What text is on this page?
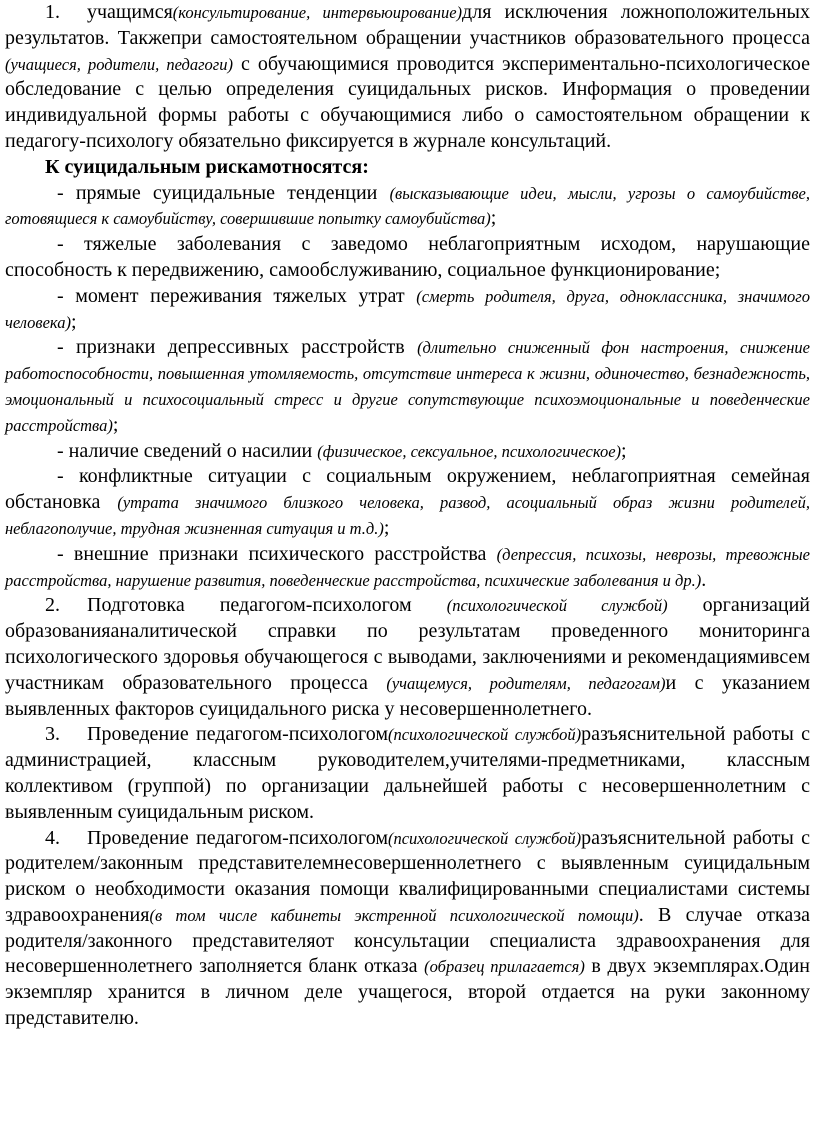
1. учащимся(консультирование, интервьюирование)для исключения ложноположительных результатов. Такжепри самостоятельном обращении участников образовательного процесса (учащиеся, родители, педагоги) с обучающимися проводится экспериментально-психологическое обследование с целью определения суицидальных рисков. Информация о проведении индивидуальной формы работы с обучающимися либо о самостоятельном обращении к педагогу-психологу обязательно фиксируется в журнале консультаций.

К суицидальным рискамотносятся:

- прямые суицидальные тенденции (высказывающие идеи, мысли, угрозы о самоубийстве, готовящиеся к самоубийству, совершившие попытку самоубийства);

- тяжелые заболевания с заведомо неблагоприятным исходом, нарушающие способность к передвижению, самообслуживанию, социальное функционирование;

- момент переживания тяжелых утрат (смерть родителя, друга, одноклассника, значимого человека);

- признаки депрессивных расстройств (длительно сниженный фон настроения, снижение работоспособности, повышенная утомляемость, отсутствие интереса к жизни, одиночество, безнадежность, эмоциональный и психосоциальный стресс и другие сопутствующие психоэмоциональные и поведенческие расстройства);

- наличие сведений о насилии (физическое, сексуальное, психологическое);

- конфликтные ситуации с социальным окружением, неблагоприятная семейная обстановка (утрата значимого близкого человека, развод, асоциальный образ жизни родителей, неблагополучие, трудная жизненная ситуация и т.д.);

- внешние признаки психического расстройства (депрессия, психозы, неврозы, тревожные расстройства, нарушение развития, поведенческие расстройства, психические заболевания и др.).

2. Подготовка педагогом-психологом (психологической службой) организаций образованияаналитической справки по результатам проведенного мониторинга психологического здоровья обучающегося с выводами, заключениями и рекомендациямивсем участникам образовательного процесса (учащемуся, родителям, педагогам)и с указанием выявленных факторов суицидального риска у несовершеннолетнего.

3. Проведение педагогом-психологом(психологической службой)разъяснительной работы с администрацией, классным руководителем,учителями-предметниками, классным коллективом (группой) по организации дальнейшей работы с несовершеннолетним с выявленным суицидальным риском.

4. Проведение педагогом-психологом(психологической службой)разъяснительной работы с родителем/законным представителемнесовершеннолетнего с выявленным суицидальным риском о необходимости оказания помощи квалифицированными специалистами системы здравоохранения(в том числе кабинеты экстренной психологической помощи). В случае отказа родителя/законного представителяот консультации специалиста здравоохранения для несовершеннолетнего заполняется бланк отказа (образец прилагается) в двух экземплярах.Один экземпляр хранится в личном деле учащегося, второй отдается на руки законному представителю.
